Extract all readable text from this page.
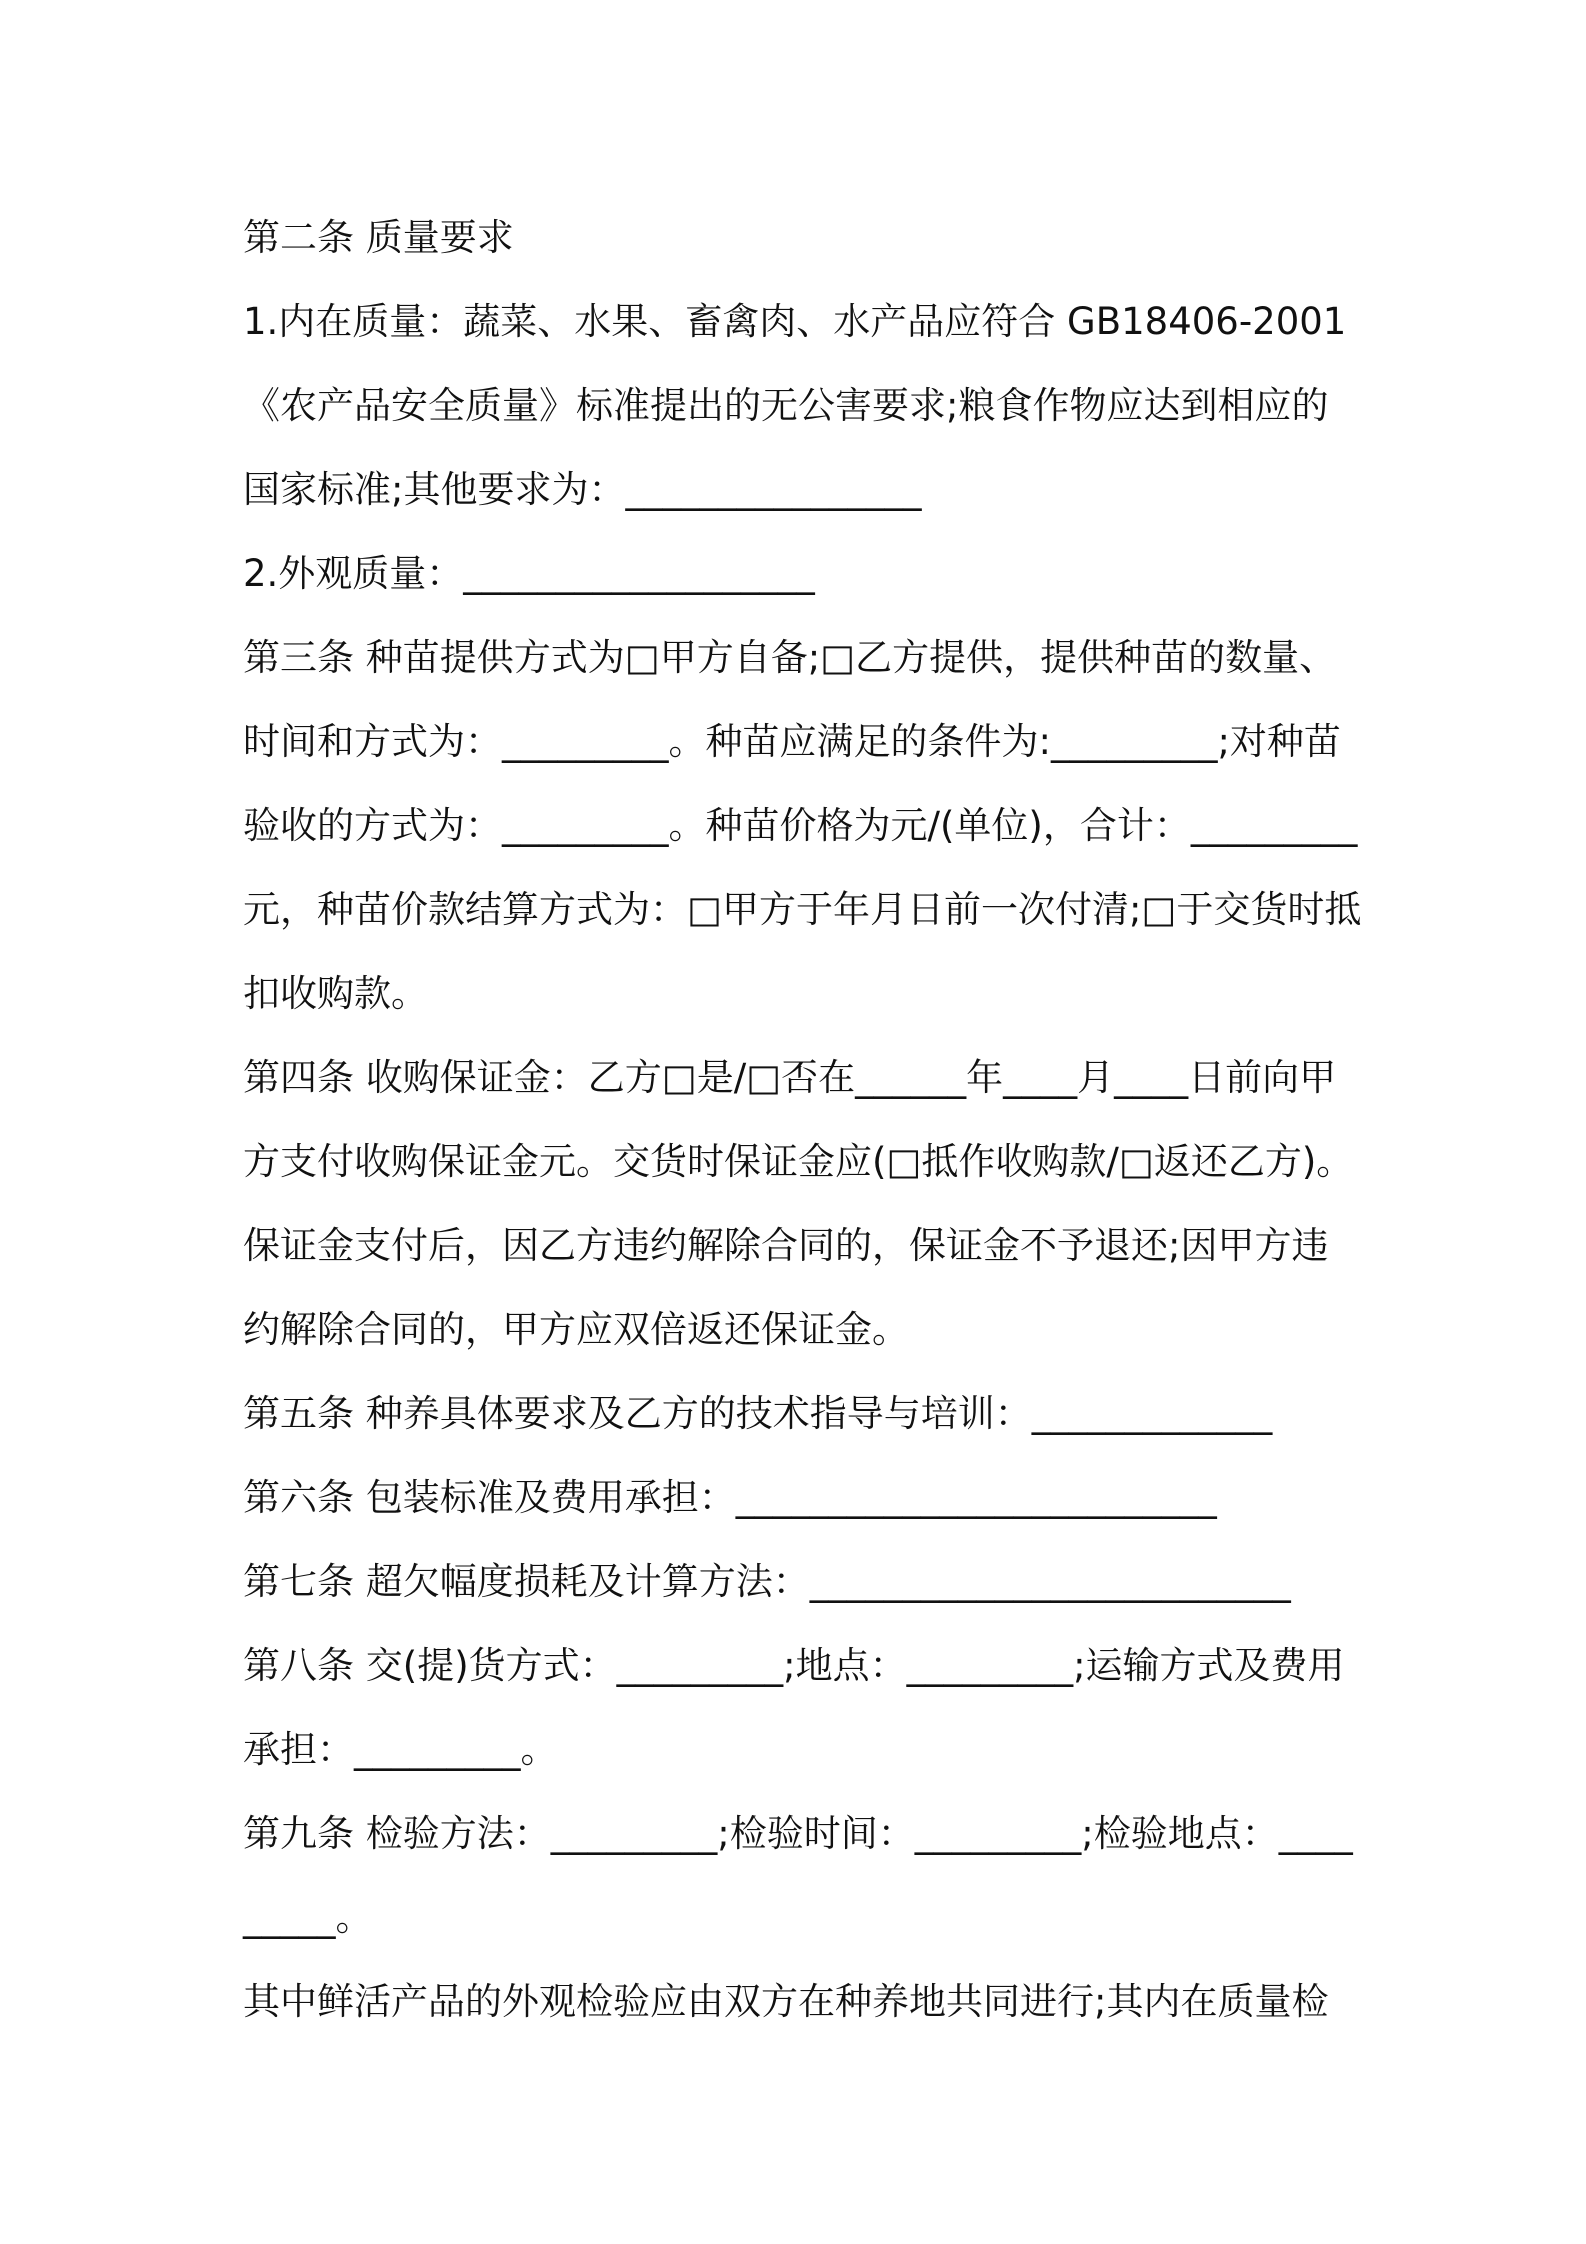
第二条 质量要求

1.内在质量：蔬菜、水果、畜禽肉、水产品应符合 GB18406-2001《农产品安全质量》标准提出的无公害要求;粮食作物应达到相应的国家标准;其他要求为：________________

2.外观质量：___________________

第三条 种苗提供方式为□甲方自备;□乙方提供，提供种苗的数量、时间和方式为：_________。种苗应满足的条件为:_________;对种苗验收的方式为：_________。种苗价格为元/(单位)，合计：_________元，种苗价款结算方式为：□甲方于年月日前一次付清;□于交货时抵扣收购款。

第四条 收购保证金：乙方□是/□否在______年____月____日前向甲方支付收购保证金元。交货时保证金应(□抵作收购款/□返还乙方)。保证金支付后，因乙方违约解除合同的，保证金不予退还;因甲方违约解除合同的，甲方应双倍返还保证金。

第五条 种养具体要求及乙方的技术指导与培训：_____________

第六条 包装标准及费用承担：__________________________

第七条 超欠幅度损耗及计算方法：__________________________

第八条 交(提)货方式：_________;地点：_________;运输方式及费用承担：_________。

第九条 检验方法：_________;检验时间：_________;检验地点：_________。

其中鲜活产品的外观检验应由双方在种养地共同进行;其内在质量检
